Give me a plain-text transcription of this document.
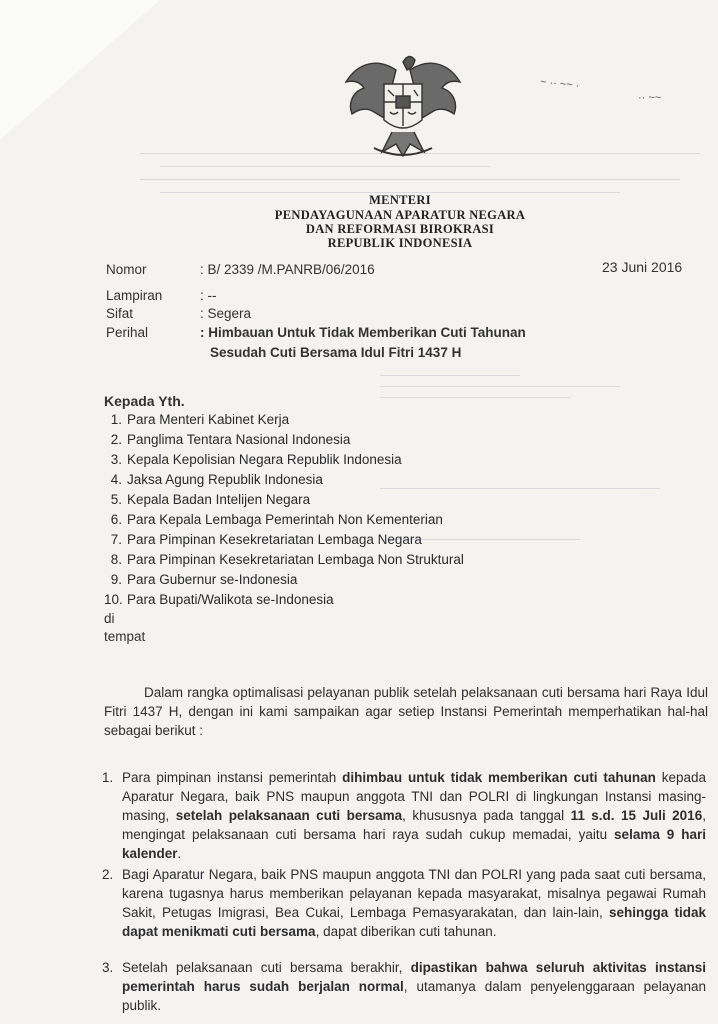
~ ·· ~~ ·
·· ~~
MENTERI
PENDAYAGUNAAN APARATUR NEGARA
DAN REFORMASI BIROKRASI
REPUBLIK INDONESIA
Nomor	: B/ 2339 /M.PANRB/06/2016	23 Juni 2016
Lampiran	: --
Sifat	: Segera
Perihal	: Himbauan Untuk Tidak Memberikan Cuti Tahunan
Sesudah Cuti Bersama Idul Fitri 1437 H
Kepada Yth.
1. Para Menteri Kabinet Kerja
2. Panglima Tentara Nasional Indonesia
3. Kepala Kepolisian Negara Republik Indonesia
4. Jaksa Agung Republik Indonesia
5. Kepala Badan Intelijen Negara
6. Para Kepala Lembaga Pemerintah Non Kementerian
7. Para Pimpinan Kesekretariatan Lembaga Negara
8. Para Pimpinan Kesekretariatan Lembaga Non Struktural
9. Para Gubernur se-Indonesia
10. Para Bupati/Walikota se-Indonesia
di
tempat
Dalam rangka optimalisasi pelayanan publik setelah pelaksanaan cuti bersama hari Raya Idul Fitri 1437 H, dengan ini kami sampaikan agar setiep Instansi Pemerintah memperhatikan hal-hal sebagai berikut :
1. Para pimpinan instansi pemerintah dihimbau untuk tidak memberikan cuti tahunan kepada Aparatur Negara, baik PNS maupun anggota TNI dan POLRI di lingkungan Instansi masing-masing, setelah pelaksanaan cuti bersama, khususnya pada tanggal 11 s.d. 15 Juli 2016, mengingat pelaksanaan cuti bersama hari raya sudah cukup memadai, yaitu selama 9 hari kalender.
2. Bagi Aparatur Negara, baik PNS maupun anggota TNI dan POLRI yang pada saat cuti bersama, karena tugasnya harus memberikan pelayanan kepada masyarakat, misalnya pegawai Rumah Sakit, Petugas Imigrasi, Bea Cukai, Lembaga Pemasyarakatan, dan lain-lain, sehingga tidak dapat menikmati cuti bersama, dapat diberikan cuti tahunan.
3. Setelah pelaksanaan cuti bersama berakhir, dipastikan bahwa seluruh aktivitas instansi pemerintah harus sudah berjalan normal, utamanya dalam penyelenggaraan pelayanan publik.
